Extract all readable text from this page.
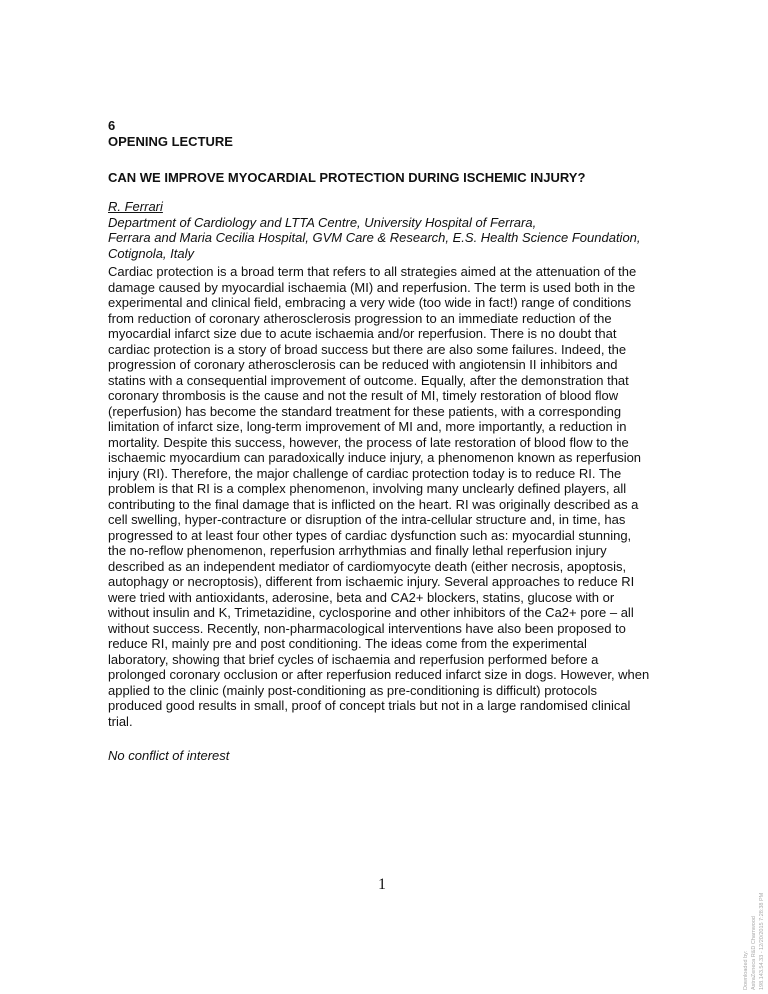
6
OPENING LECTURE
CAN WE IMPROVE MYOCARDIAL PROTECTION DURING ISCHEMIC INJURY?
R. Ferrari
Department of Cardiology and LTTA Centre, University Hospital of Ferrara,
Ferrara and Maria Cecilia Hospital, GVM Care & Research, E.S. Health Science Foundation,
Cotignola, Italy
Cardiac protection is a broad term that refers to all strategies aimed at the attenuation of the
damage caused by myocardial ischaemia (MI) and reperfusion. The term is used both in the
experimental and clinical field, embracing a very wide (too wide in fact!) range of conditions
from reduction of coronary atherosclerosis progression to an immediate reduction of the
myocardial infarct size due to acute ischaemia and/or reperfusion. There is no doubt that
cardiac protection is a story of broad success but there are also some failures. Indeed, the
progression of coronary atherosclerosis can be reduced with angiotensin II inhibitors and
statins with a consequential improvement of outcome. Equally, after the demonstration that
coronary thrombosis is the cause and not the result of MI, timely restoration of blood flow
(reperfusion) has become the standard treatment for these patients, with a corresponding
limitation of infarct size, long-term improvement of MI and, more importantly, a reduction in
mortality. Despite this success, however, the process of late restoration of blood flow to the
ischaemic myocardium can paradoxically induce injury, a phenomenon known as reperfusion
injury (RI). Therefore, the major challenge of cardiac protection today is to reduce RI. The
problem is that RI is a complex phenomenon, involving many unclearly defined players, all
contributing to the final damage that is inflicted on the heart. RI was originally described as a
cell swelling, hyper-contracture or disruption of the intra-cellular structure and, in time, has
progressed to at least four other types of cardiac dysfunction such as: myocardial stunning,
the no-reflow phenomenon, reperfusion arrhythmias and finally lethal reperfusion injury
described as an independent mediator of cardiomyocyte death (either necrosis, apoptosis,
autophagy or necroptosis), different from ischaemic injury. Several approaches to reduce RI
were tried with antioxidants, aderosine, beta and CA2+ blockers, statins, glucose with or
without insulin and K, Trimetazidine, cyclosporine and other inhibitors of the Ca2+ pore – all
without success. Recently, non-pharmacological interventions have also been proposed to
reduce RI, mainly pre and post conditioning. The ideas come from the experimental
laboratory, showing that brief cycles of ischaemia and reperfusion performed before a
prolonged coronary occlusion or after reperfusion reduced infarct size in dogs. However, when
applied to the clinic (mainly post-conditioning as pre-conditioning is difficult) protocols
produced good results in small, proof of concept trials but not in a large randomised clinical
trial.
No conflict of interest
1
Downloaded by: AstraZeneca R&D Charnwood 198.143.54.33 - 12/20/2015 7:28:38 PM
